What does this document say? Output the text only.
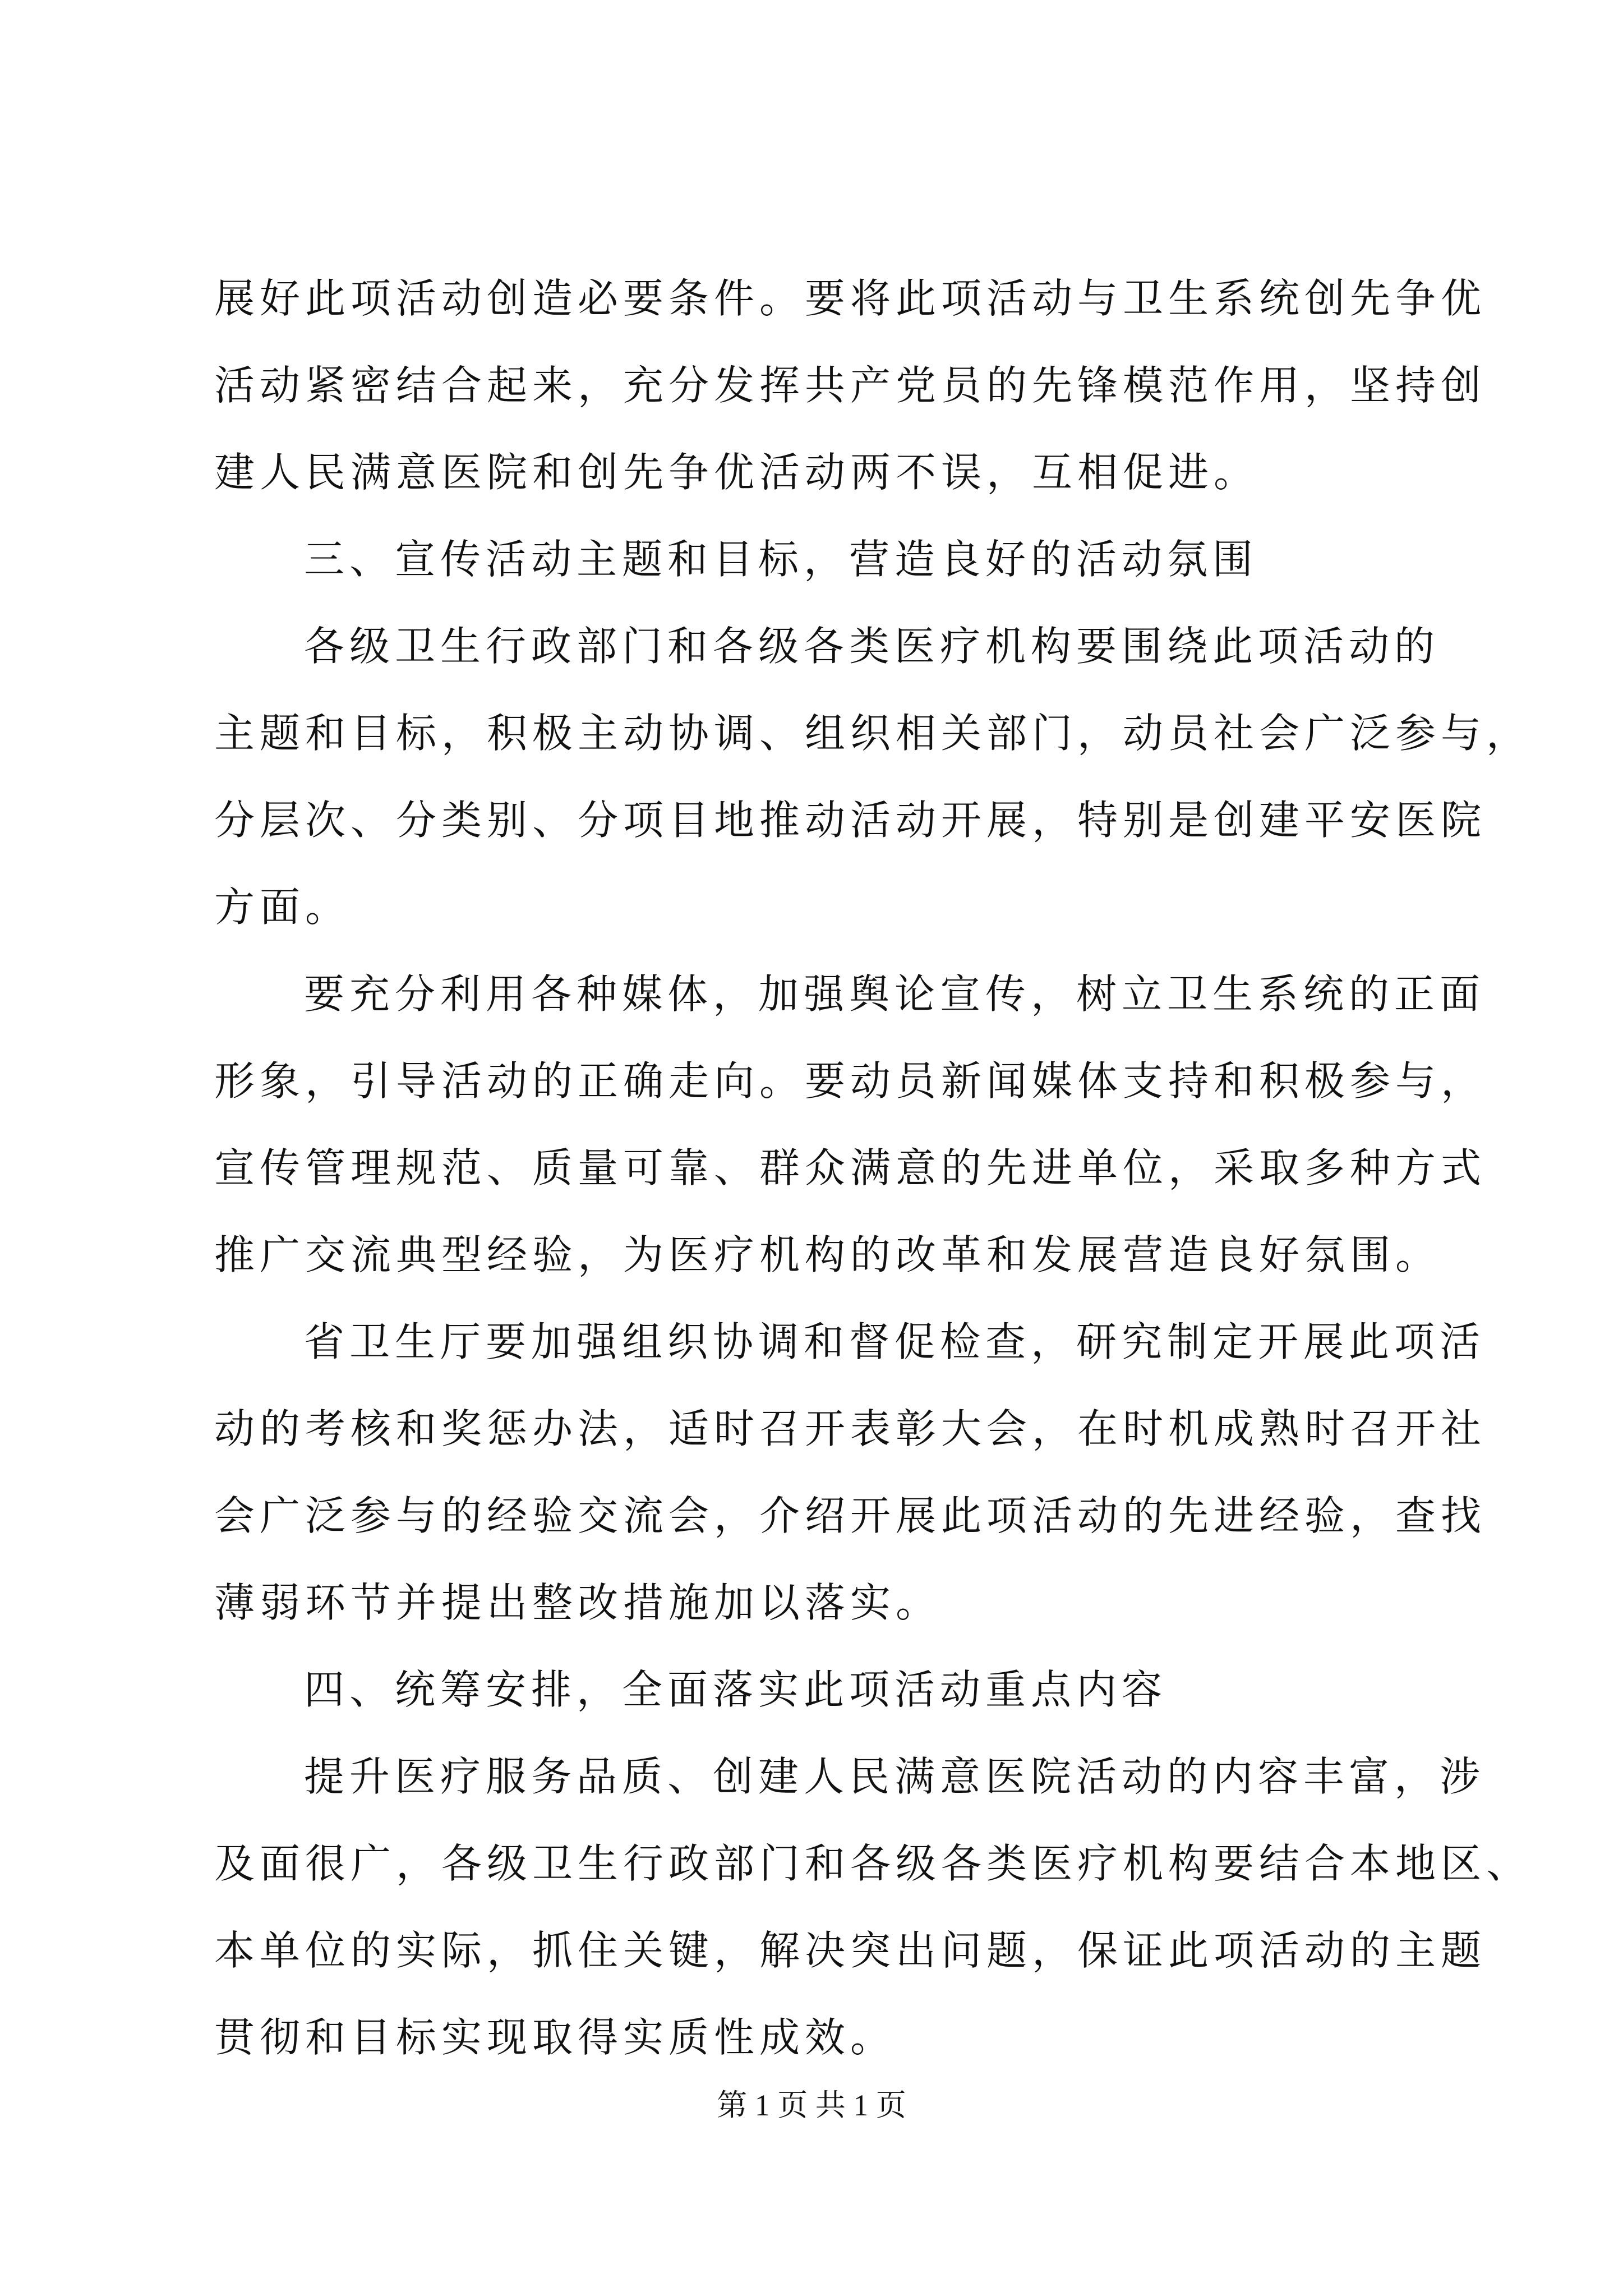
展好此项活动创造必要条件。要将此项活动与卫生系统创先争优
活动紧密结合起来，充分发挥共产党员的先锋模范作用，坚持创
建人民满意医院和创先争优活动两不误，互相促进。
三、宣传活动主题和目标，营造良好的活动氛围
各级卫生行政部门和各级各类医疗机构要围绕此项活动的
主题和目标，积极主动协调、组织相关部门，动员社会广泛参与，
分层次、分类别、分项目地推动活动开展，特别是创建平安医院
方面。
要充分利用各种媒体，加强舆论宣传，树立卫生系统的正面
形象，引导活动的正确走向。要动员新闻媒体支持和积极参与，
宣传管理规范、质量可靠、群众满意的先进单位，采取多种方式
推广交流典型经验，为医疗机构的改革和发展营造良好氛围。
省卫生厅要加强组织协调和督促检查，研究制定开展此项活
动的考核和奖惩办法，适时召开表彰大会，在时机成熟时召开社
会广泛参与的经验交流会，介绍开展此项活动的先进经验，查找
薄弱环节并提出整改措施加以落实。
四、统筹安排，全面落实此项活动重点内容
提升医疗服务品质、创建人民满意医院活动的内容丰富，涉
及面很广，各级卫生行政部门和各级各类医疗机构要结合本地区、
本单位的实际，抓住关键，解决突出问题，保证此项活动的主题
贯彻和目标实现取得实质性成效。
第 1 页 共 1 页
